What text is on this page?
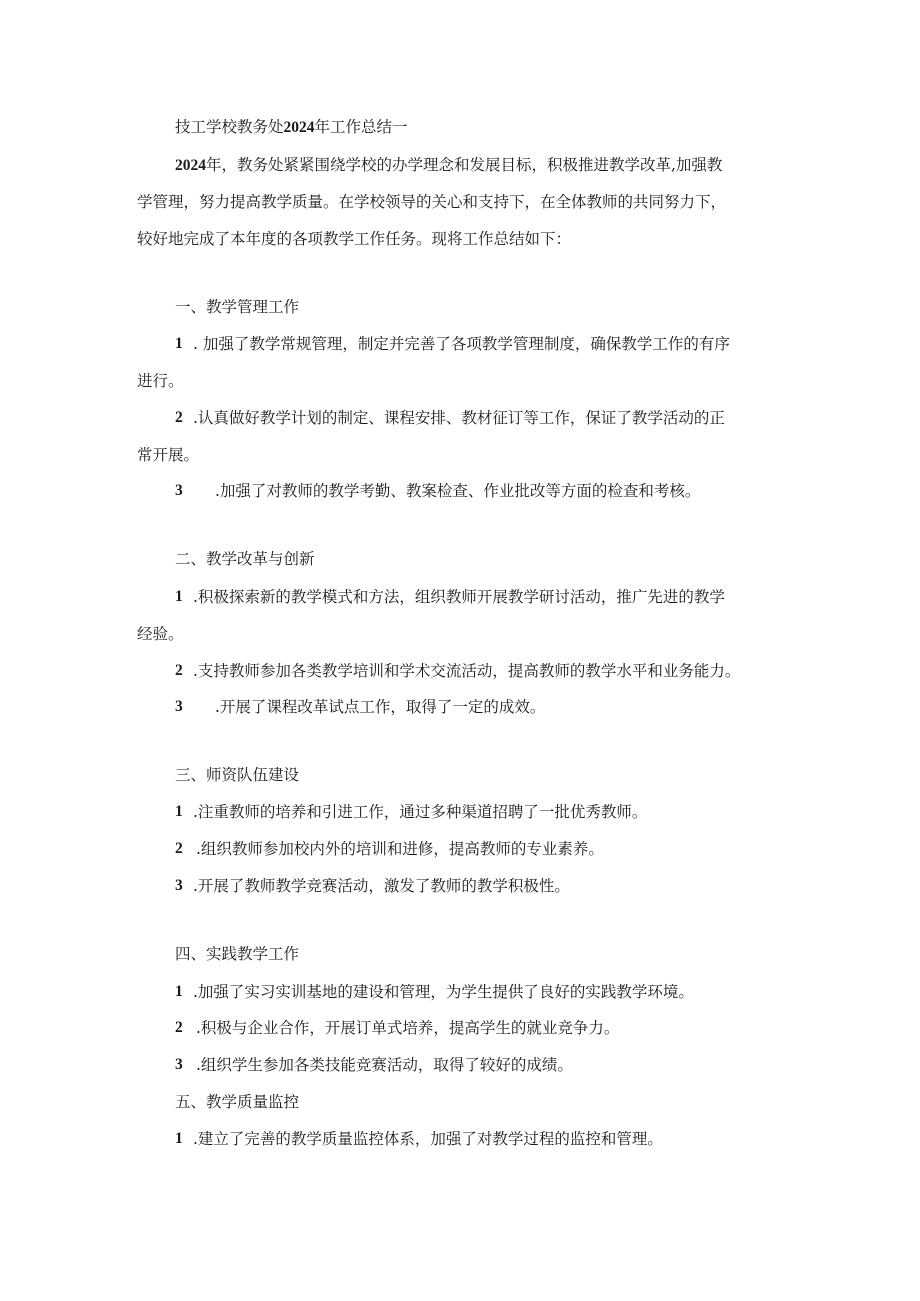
技工学校教务处2024年工作总结一
2024年，教务处紧紧围绕学校的办学理念和发展目标，积极推进教学改革,加强教
学管理，努力提高教学质量。在学校领导的关心和支持下，在全体教师的共同努力下，
较好地完成了本年度的各项教学工作任务。现将工作总结如下：
一、教学管理工作
1 . 加强了教学常规管理，制定并完善了各项教学管理制度，确保教学工作的有序
进行。
2 .认真做好教学计划的制定、课程安排、教材征订等工作，保证了教学活动的正
常开展。
3 .加强了对教师的教学考勤、教案检查、作业批改等方面的检查和考核。
二、教学改革与创新
1 .积极探索新的教学模式和方法，组织教师开展教学研讨活动，推广先进的教学
经验。
2 .支持教师参加各类教学培训和学术交流活动，提高教师的教学水平和业务能力。
3 .开展了课程改革试点工作，取得了一定的成效。
三、师资队伍建设
1 .注重教师的培养和引进工作，通过多种渠道招聘了一批优秀教师。
2 .组织教师参加校内外的培训和进修，提高教师的专业素养。
3 .开展了教师教学竞赛活动，激发了教师的教学积极性。
四、实践教学工作
1 .加强了实习实训基地的建设和管理，为学生提供了良好的实践教学环境。
2 .积极与企业合作，开展订单式培养，提高学生的就业竞争力。
3 .组织学生参加各类技能竞赛活动，取得了较好的成绩。
五、教学质量监控
1 .建立了完善的教学质量监控体系，加强了对教学过程的监控和管理。
